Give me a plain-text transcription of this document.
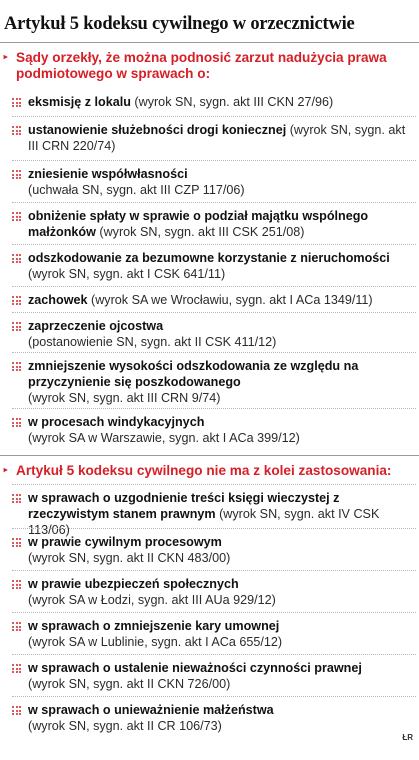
Artykuł 5 kodeksu cywilnego w orzecznictwie
‣ Sądy orzekły, że można podnosić zarzut nadużycia prawa podmiotowego w sprawach o:
eksmisję z lokalu (wyrok SN, sygn. akt III CKN 27/96)
ustanowienie służebności drogi koniecznej (wyrok SN, sygn. akt III CRN 220/74)
zniesienie współwłasności
(uchwała SN, sygn. akt III CZP 117/06)
obniżenie spłaty w sprawie o podział majątku wspólnego małżonków (wyrok SN, sygn. akt III CSK 251/08)
odszkodowanie za bezumowne korzystanie z nieruchomości
(wyrok SN, sygn. akt I CSK 641/11)
zachowek (wyrok SA we Wrocławiu, sygn. akt I ACa 1349/11)
zaprzeczenie ojcostwa
(postanowienie SN, sygn. akt II CSK 411/12)
zmniejszenie wysokości odszkodowania ze względu na przyczynienie się poszkodowanego
(wyrok SN, sygn. akt III CRN 9/74)
w procesach windykacyjnych
(wyrok SA w Warszawie, sygn. akt I ACa 399/12)
‣ Artykuł 5 kodeksu cywilnego nie ma z kolei zastosowania:
w sprawach o uzgodnienie treści księgi wieczystej z rzeczywistym stanem prawnym (wyrok SN, sygn. akt IV CSK 113/06)
w prawie cywilnym procesowym
(wyrok SN, sygn. akt II CKN 483/00)
w prawie ubezpieczeń społecznych
(wyrok SA w Łodzi, sygn. akt III AUa 929/12)
w sprawach o zmniejszenie kary umownej
(wyrok SA w Lublinie, sygn. akt I ACa 655/12)
w sprawach o ustalenie nieważności czynności prawnej
(wyrok SN, sygn. akt II CKN 726/00)
w sprawach o unieważnienie małżeństwa
(wyrok SN, sygn. akt II CR 106/73)
ŁR
